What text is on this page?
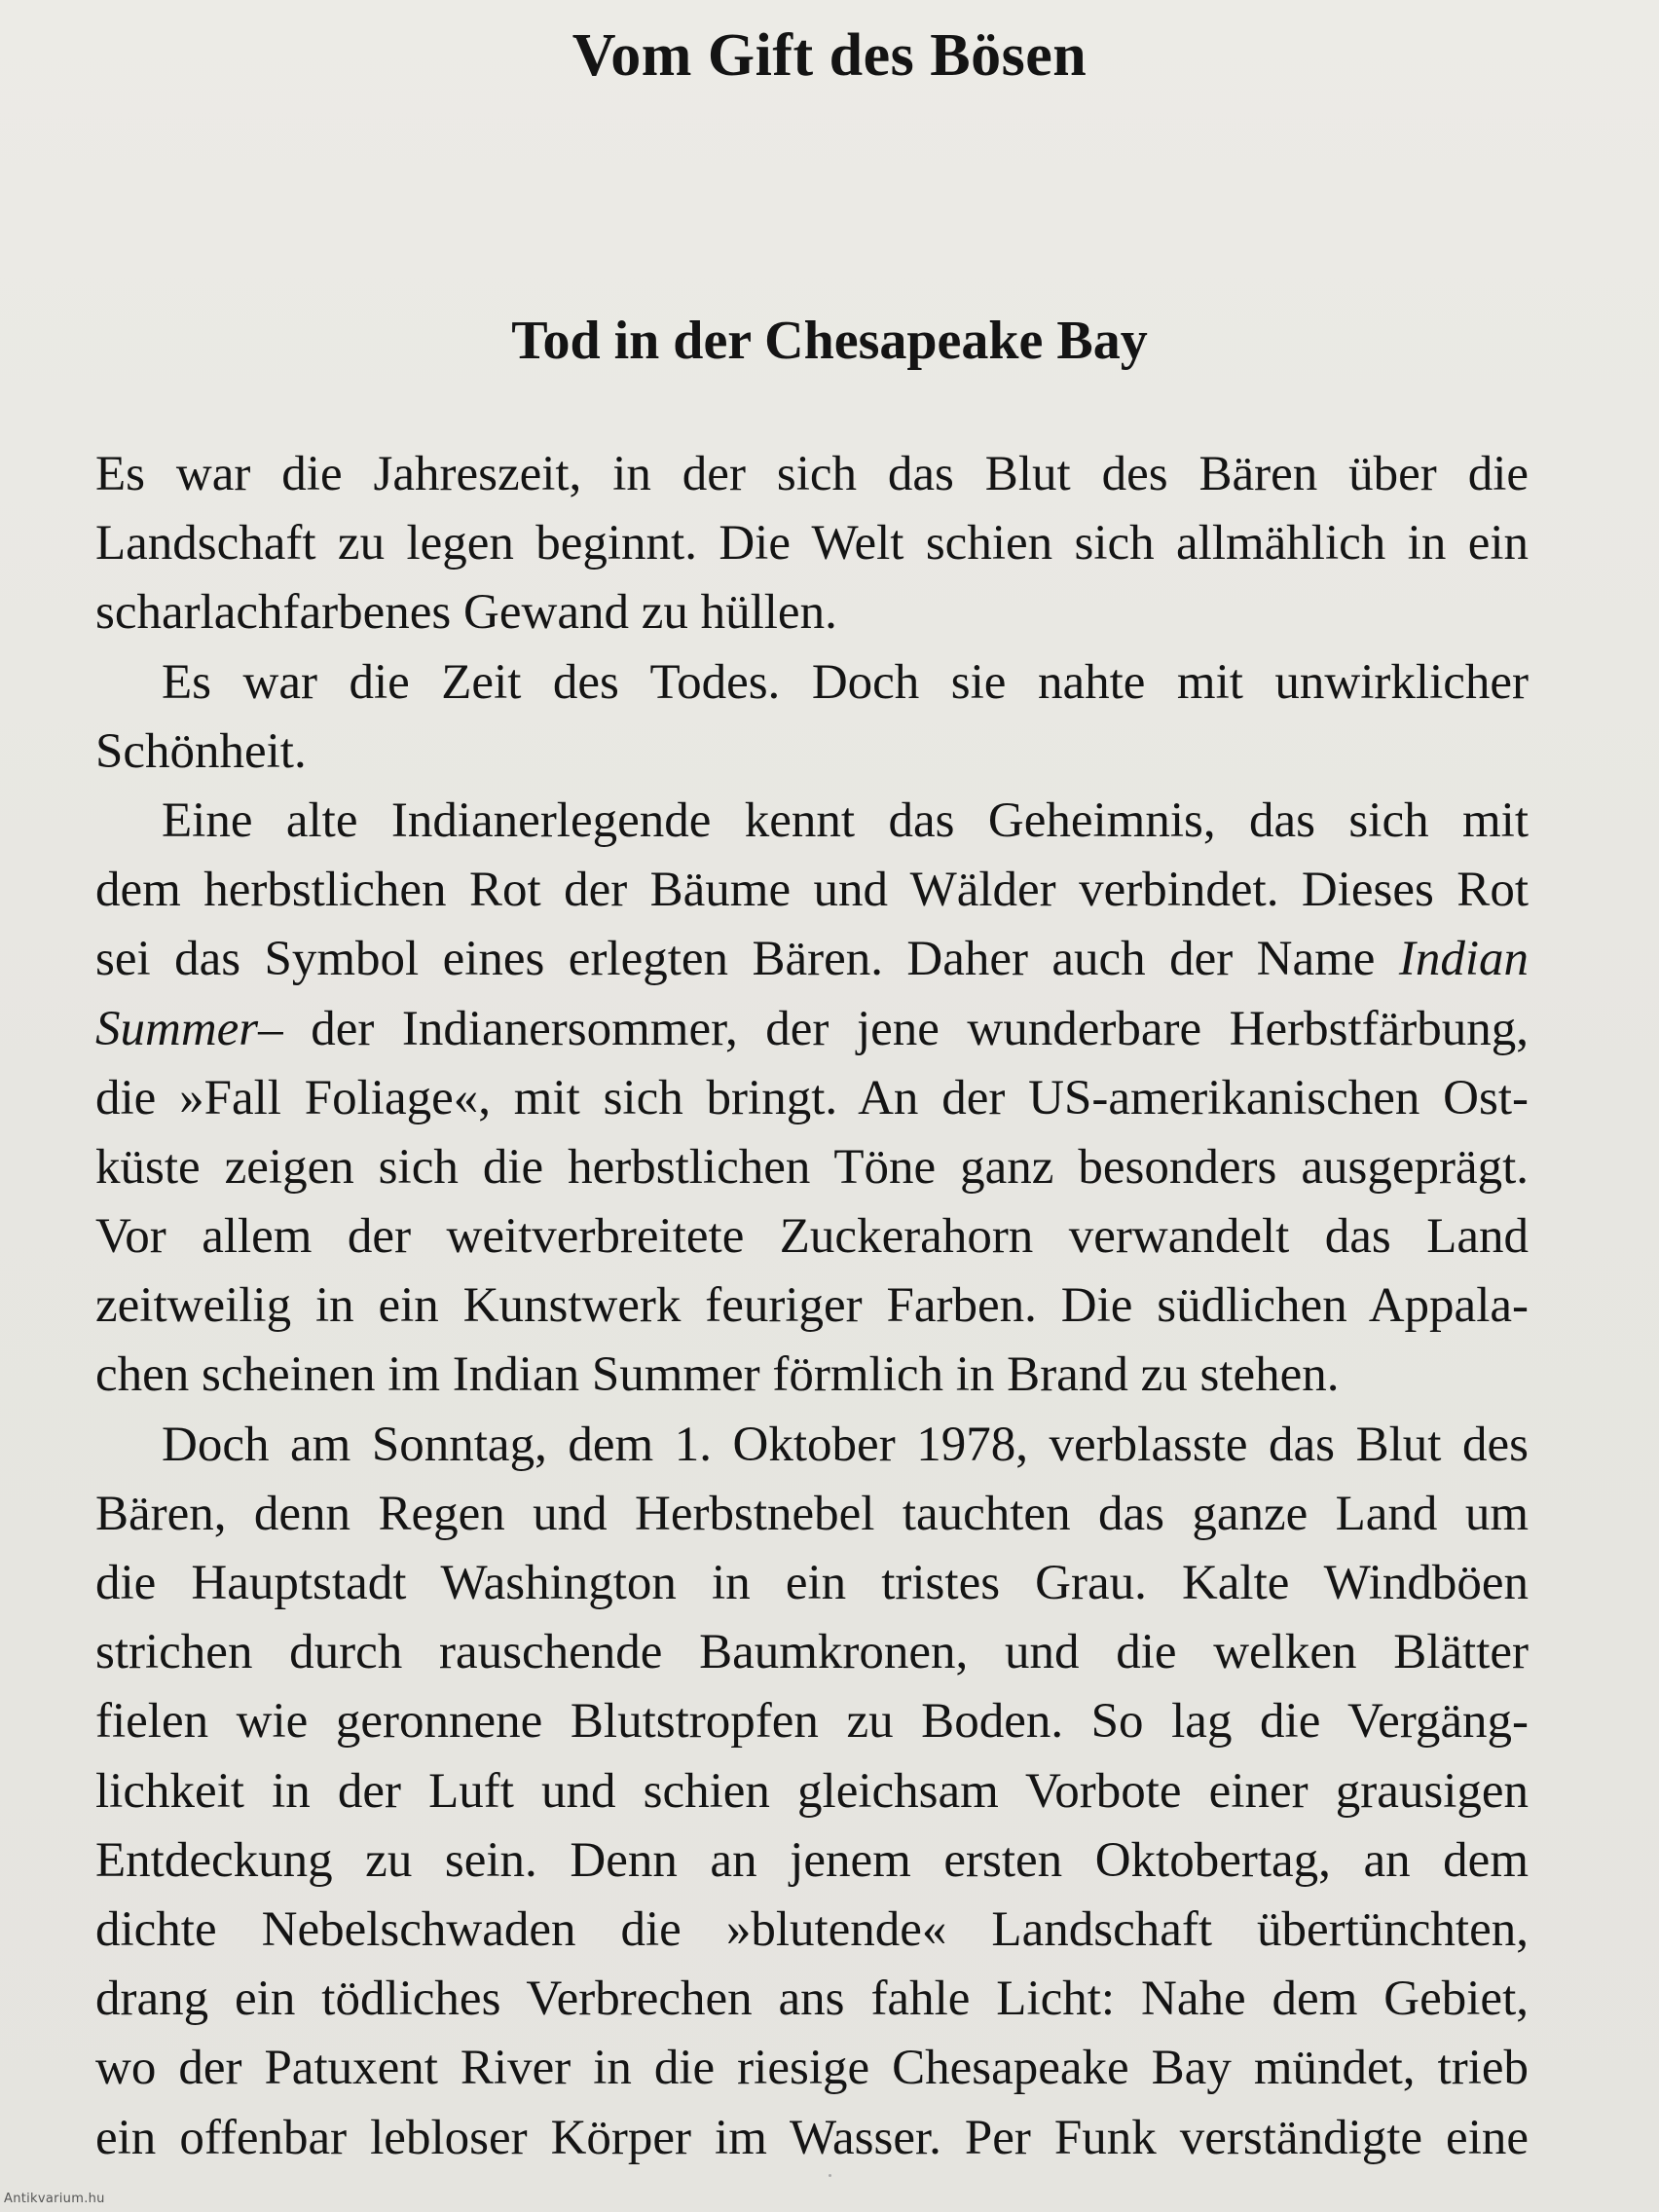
Vom Gift des Bösen
Tod in der Chesapeake Bay
Es war die Jahreszeit, in der sich das Blut des Bären über die
Landschaft zu legen beginnt. Die Welt schien sich allmählich in ein
scharlachfarbenes Gewand zu hüllen.
Es war die Zeit des Todes. Doch sie nahte mit unwirklicher
Schönheit.
Eine alte Indianerlegende kennt das Geheimnis, das sich mit
dem herbstlichen Rot der Bäume und Wälder verbindet. Dieses Rot
sei das Symbol eines erlegten Bären. Daher auch der Name Indian
Summer– der Indianersommer, der jene wunderbare Herbstfärbung,
die »Fall Foliage«, mit sich bringt. An der US-amerikanischen Ost-
küste zeigen sich die herbstlichen Töne ganz besonders ausgeprägt.
Vor allem der weitverbreitete Zuckerahorn verwandelt das Land
zeitweilig in ein Kunstwerk feuriger Farben. Die südlichen Appala-
chen scheinen im Indian Summer förmlich in Brand zu stehen.
Doch am Sonntag, dem 1. Oktober 1978, verblasste das Blut des
Bären, denn Regen und Herbstnebel tauchten das ganze Land um
die Hauptstadt Washington in ein tristes Grau. Kalte Windböen
strichen durch rauschende Baumkronen, und die welken Blätter
fielen wie geronnene Blutstropfen zu Boden. So lag die Vergäng-
lichkeit in der Luft und schien gleichsam Vorbote einer grausigen
Entdeckung zu sein. Denn an jenem ersten Oktobertag, an dem
dichte Nebelschwaden die »blutende« Landschaft übertünchten,
drang ein tödliches Verbrechen ans fahle Licht: Nahe dem Gebiet,
wo der Patuxent River in die riesige Chesapeake Bay mündet, trieb
ein offenbar lebloser Körper im Wasser. Per Funk verständigte eine
Antikvarium.hu
